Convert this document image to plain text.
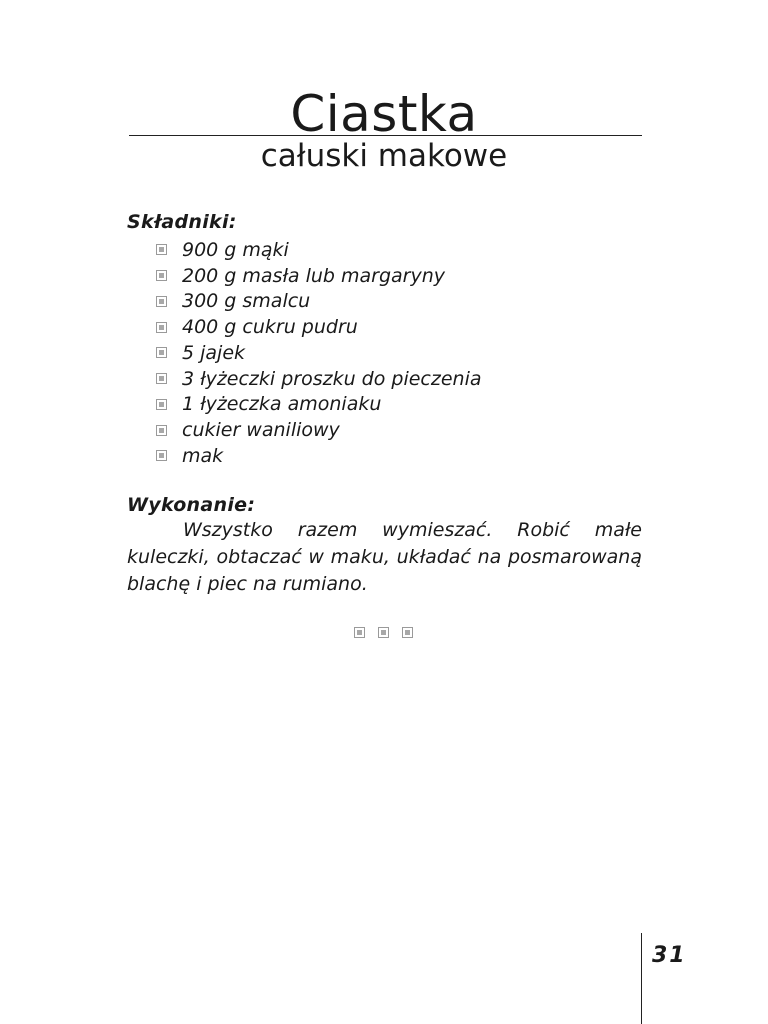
Ciastka
całuski makowe
Składniki:
900 g mąki
200 g masła lub margaryny
300 g smalcu
400 g cukru pudru
5 jajek
3 łyżeczki proszku do pieczenia
1 łyżeczka amoniaku
cukier waniliowy
mak
Wykonanie:

Wszystko razem wymieszać. Robić małe kuleczki, obtaczać w maku, układać na posmarowaną blachę i piec na rumiano.

31
